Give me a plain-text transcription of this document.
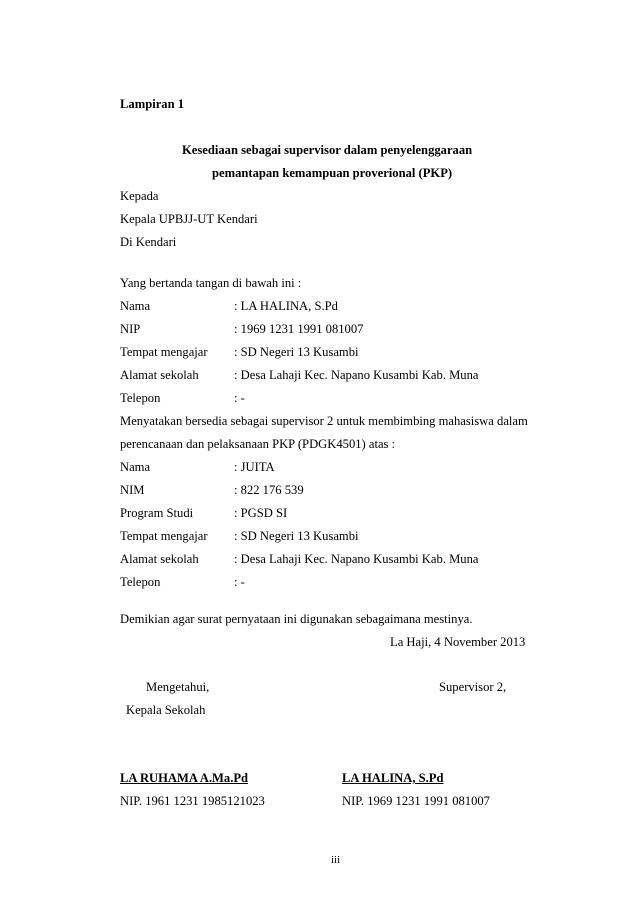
Lampiran 1
Kesediaan sebagai supervisor dalam penyelenggaraan
pemantapan kemampuan proverional (PKP)
Kepada
Kepala UPBJJ-UT Kendari
Di Kendari
Yang bertanda tangan di bawah ini :
Nama	: LA HALINA, S.Pd
NIP	: 1969 1231 1991 081007
Tempat mengajar : SD Negeri 13 Kusambi
Alamat sekolah	: Desa Lahaji Kec. Napano Kusambi Kab. Muna
Telepon	: -
Menyatakan bersedia sebagai supervisor 2 untuk membimbing mahasiswa dalam
perencanaan dan pelaksanaan PKP (PDGK4501) atas :
Nama	: JUITA
NIM	: 822 176 539
Program Studi	: PGSD SI
Tempat mengajar : SD Negeri 13 Kusambi
Alamat sekolah	: Desa Lahaji Kec. Napano Kusambi Kab. Muna
Telepon	: -
Demikian agar surat pernyataan ini digunakan sebagaimana mestinya.
La Haji, 4 November 2013
Mengetahui,
Kepala Sekolah
Supervisor 2,
LA RUHAMA A.Ma.Pd
NIP. 1961 1231 1985121023
LA HALINA, S.Pd
NIP. 1969 1231 1991 081007
iii
